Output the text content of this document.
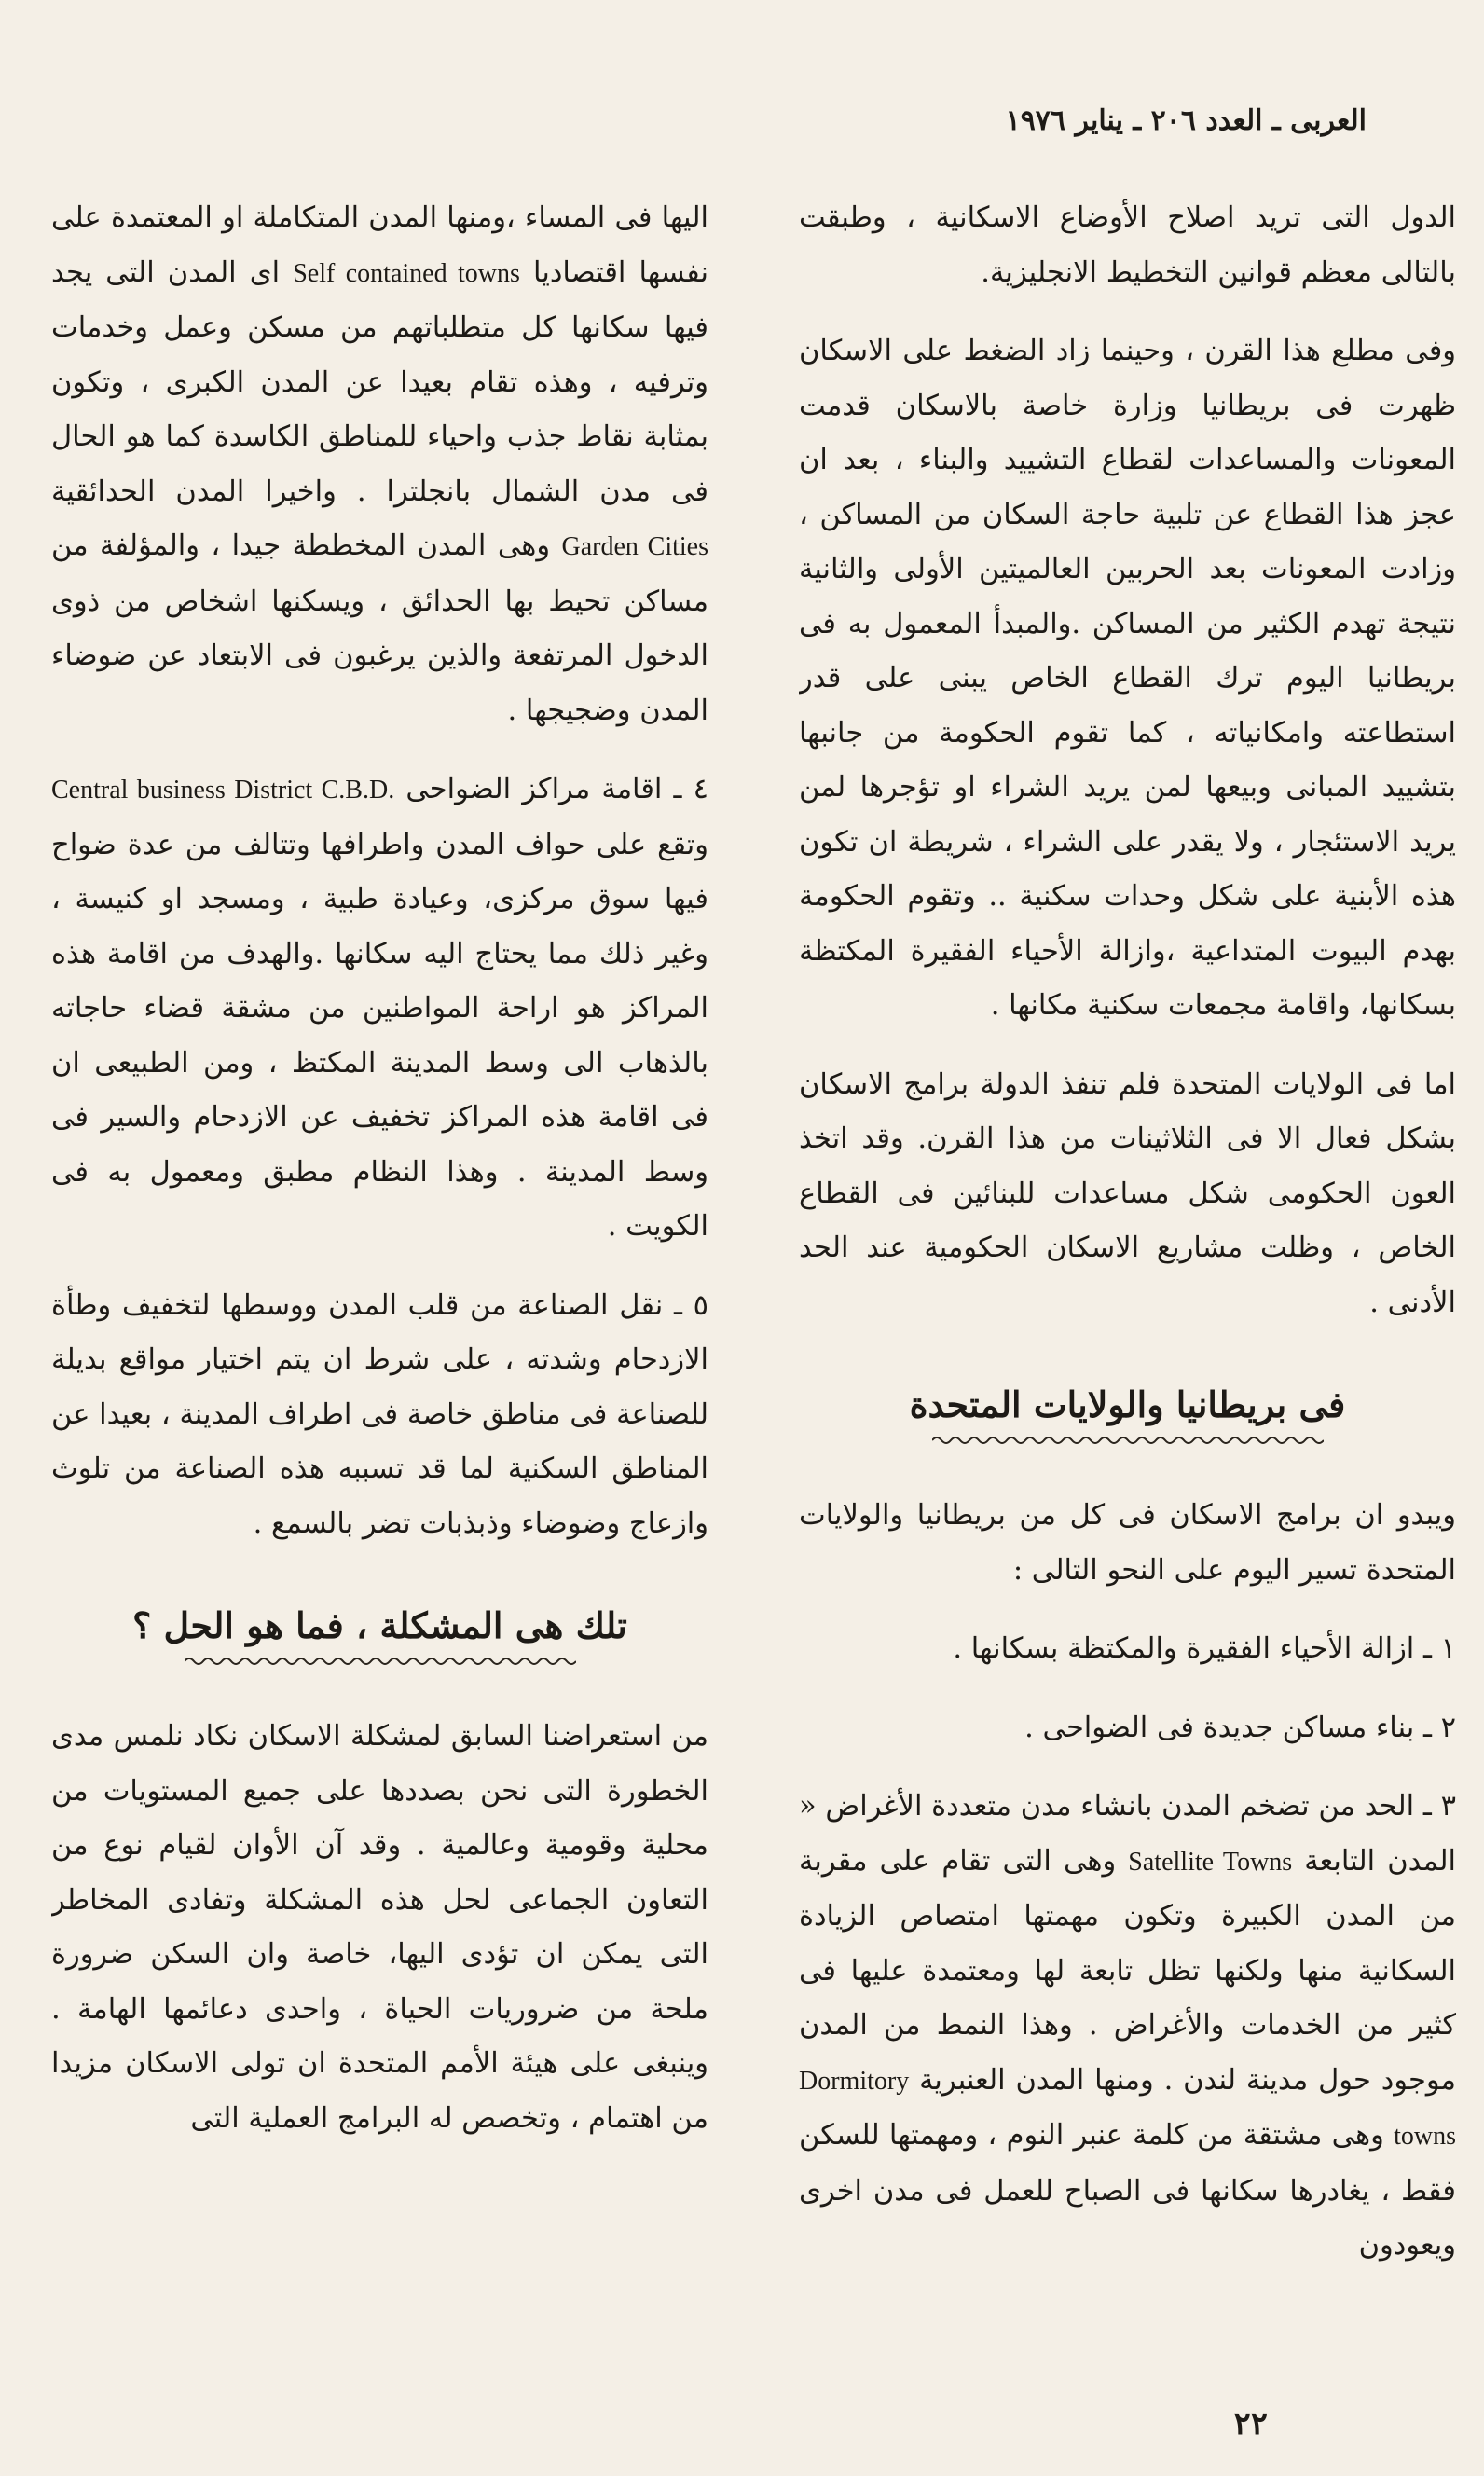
العربى ـ العدد ٢٠٦ ـ يناير ١٩٧٦

الدول التى تريد اصلاح الأوضاع الاسكانية ، وطبقت بالتالى معظم قوانين التخطيط الانجليزية.

وفى مطلع هذا القرن ، وحينما زاد الضغط على الاسكان ظهرت فى بريطانيا وزارة خاصة بالاسكان قدمت المعونات والمساعدات لقطاع التشييد والبناء ، بعد ان عجز هذا القطاع عن تلبية حاجة السكان من المساكن ، وزادت المعونات بعد الحربين العالميتين الأولى والثانية نتيجة تهدم الكثير من المساكن .والمبدأ المعمول به فى بريطانيا اليوم ترك القطاع الخاص يبنى على قدر استطاعته وامكانياته ، كما تقوم الحكومة من جانبها بتشييد المبانى وبيعها لمن يريد الشراء او تؤجرها لمن يريد الاستئجار ، ولا يقدر على الشراء ، شريطة ان تكون هذه الأبنية على شكل وحدات سكنية .. وتقوم الحكومة بهدم البيوت المتداعية ،وازالة الأحياء الفقيرة المكتظة بسكانها، واقامة مجمعات سكنية مكانها .

اما فى الولايات المتحدة فلم تنفذ الدولة برامج الاسكان بشكل فعال الا فى الثلاثينات من هذا القرن. وقد اتخذ العون الحكومى شكل مساعدات للبنائين فى القطاع الخاص ، وظلت مشاريع الاسكان الحكومية عند الحد الأدنى .

فى بريطانيا والولايات المتحدة

ويبدو ان برامج الاسكان فى كل من بريطانيا والولايات المتحدة تسير اليوم على النحو التالى :

١ ـ ازالة الأحياء الفقيرة والمكتظة بسكانها .

٢ ـ بناء مساكن جديدة فى الضواحى .

٣ ـ الحد من تضخم المدن بانشاء مدن متعددة الأغراض « المدن التابعة Satellite Towns وهى التى تقام على مقربة من المدن الكبيرة وتكون مهمتها امتصاص الزيادة السكانية منها ولكنها تظل تابعة لها ومعتمدة عليها فى كثير من الخدمات والأغراض . وهذا النمط من المدن موجود حول مدينة لندن . ومنها المدن العنبرية Dormitory towns وهى مشتقة من كلمة عنبر النوم ، ومهمتها للسكن فقط ، يغادرها سكانها فى الصباح للعمل فى مدن اخرى ويعودون

اليها فى المساء ،ومنها المدن المتكاملة او المعتمدة على نفسها اقتصاديا Self contained towns اى المدن التى يجد فيها سكانها كل متطلباتهم من مسكن وعمل وخدمات وترفيه ، وهذه تقام بعيدا عن المدن الكبرى ، وتكون بمثابة نقاط جذب واحياء للمناطق الكاسدة كما هو الحال فى مدن الشمال بانجلترا . واخيرا المدن الحدائقية Garden Cities وهى المدن المخططة جيدا ، والمؤلفة من مساكن تحيط بها الحدائق ، ويسكنها اشخاص من ذوى الدخول المرتفعة والذين يرغبون فى الابتعاد عن ضوضاء المدن وضجيجها .

٤ ـ اقامة مراكز الضواحى Central business District C.B.D. وتقع على حواف المدن واطرافها وتتالف من عدة ضواح فيها سوق مركزى، وعيادة طبية ، ومسجد او كنيسة ، وغير ذلك مما يحتاج اليه سكانها .والهدف من اقامة هذه المراكز هو اراحة المواطنين من مشقة قضاء حاجاته بالذهاب الى وسط المدينة المكتظ ، ومن الطبيعى ان فى اقامة هذه المراكز تخفيف عن الازدحام والسير فى وسط المدينة . وهذا النظام مطبق ومعمول به فى الكويت .

٥ ـ نقل الصناعة من قلب المدن ووسطها لتخفيف وطأة الازدحام وشدته ، على شرط ان يتم اختيار مواقع بديلة للصناعة فى مناطق خاصة فى اطراف المدينة ، بعيدا عن المناطق السكنية لما قد تسببه هذه الصناعة من تلوث وازعاج وضوضاء وذبذبات تضر بالسمع .

تلك هى المشكلة ، فما هو الحل ؟

من استعراضنا السابق لمشكلة الاسكان نكاد نلمس مدى الخطورة التى نحن بصددها على جميع المستويات من محلية وقومية وعالمية . وقد آن الأوان لقيام نوع من التعاون الجماعى لحل هذه المشكلة وتفادى المخاطر التى يمكن ان تؤدى اليها، خاصة وان السكن ضرورة ملحة من ضروريات الحياة ، واحدى دعائمها الهامة . وينبغى على هيئة الأمم المتحدة ان تولى الاسكان مزيدا من اهتمام ، وتخصص له البرامج العملية التى

٢٢
